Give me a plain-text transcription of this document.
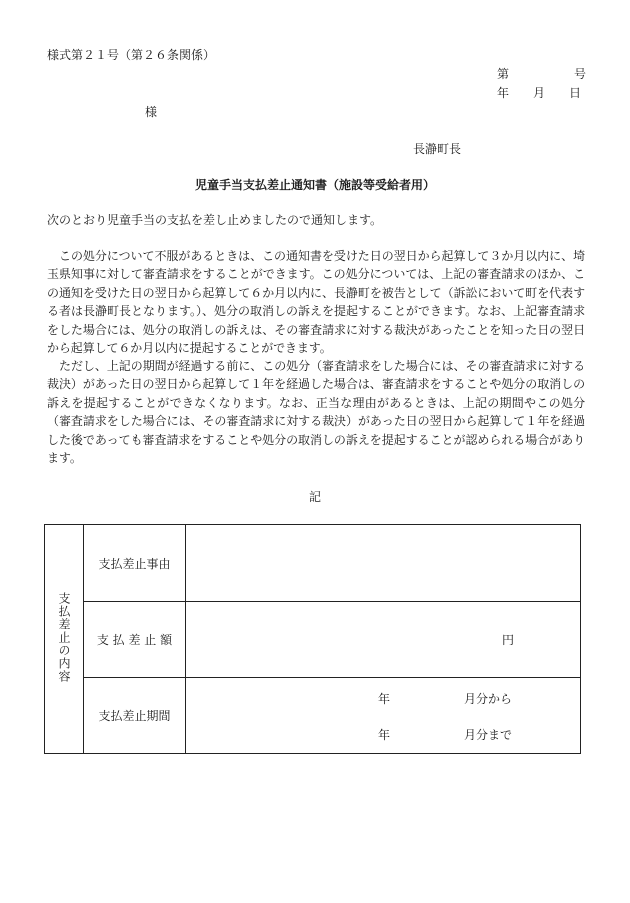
様式第２１号（第２６条関係）
第	号
年 月 日
様
長瀞町長
児童手当支払差止通知書（施設等受給者用）
次のとおり児童手当の支払を差し止めましたので通知します。

この処分について不服があるときは、この通知書を受けた日の翌日から起算して３か月以内に、埼玉県知事に対して審査請求をすることができます。この処分については、上記の審査請求のほか、この通知を受けた日の翌日から起算して６か月以内に、長瀞町を被告として（訴訟において町を代表する者は長瀞町長となります。）、処分の取消しの訴えを提起することができます。なお、上記審査請求をした場合には、処分の取消しの訴えは、その審査請求に対する裁決があったことを知った日の翌日から起算して６か月以内に提起することができます。

ただし、上記の期間が経過する前に、この処分（審査請求をした場合には、その審査請求に対する裁決）があった日の翌日から起算して１年を経過した場合は、審査請求をすることや処分の取消しの訴えを提起することができなくなります。なお、正当な理由があるときは、上記の期間やこの処分（審査請求をした場合には、その審査請求に対する裁決）があった日の翌日から起算して１年を経過した後であっても審査請求をすることや処分の取消しの訴えを提起することが認められる場合があります。

記
支払差止の内容	支払差止事由	
	支 払 差 止 額	円

	支払差止期間	年 月分から
年 月分まで
